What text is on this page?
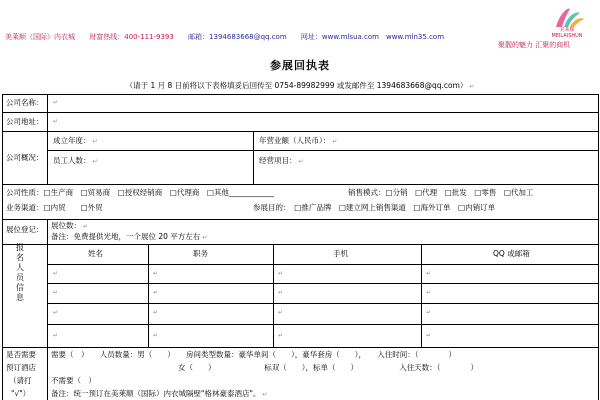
美莱顺（国际）内衣城 财富热线：400-111-9393 邮箱：1394683668@qq.com 网址：www.mlsua.com　www.mln35.com
美莱顺
MEILAISHUN
聚靓的魅力 汇聚的商机
参展回执表
（请于 1 月 8 日前将以下表格填妥后回传至 0754-89982999 或发邮件至 1394683668@qq.com） ↵
公司名称： ↵
公司地址： ↵
公司概况：
成立年度： ↵	年营业额（人民币）： ↵
员工人数： ↵	经营项目： ↵
公司性质：□生产商　□贸易商　□授权经销商　□代理商　□其他____________	销售模式：□分销　□代理　□批发　□零售　□代加工
业务渠道：□内贸　　□外贸	参展目的：　□推广品牌　□建立网上销售渠道　□海外订单　□内销订单
展位登记： 展位数： ↵
备注：免费提供光地，一个展位 20 平方左右 ↵
报名人员信息
姓名	职务	手机	QQ 或邮箱
↵	↵	↵	↵
↵	↵	↵	↵
↵	↵	↵	↵
↵	↵	↵	↵
是否需要
预订酒店
（请打
"√"）
需要（　）　　人员数量：男（　　）　　房间类型数量：豪华单间（　　），豪华套房（　　），　　入住时间：（　　　　）
女（　　）　　　　　　　标双（　　），标单（　　）　　　　　　入住天数：（　　　　）
不需要（　）
备注：统一预订在美莱顺（国际）内衣城隔壁"格林豪泰酒店"。 ↵
